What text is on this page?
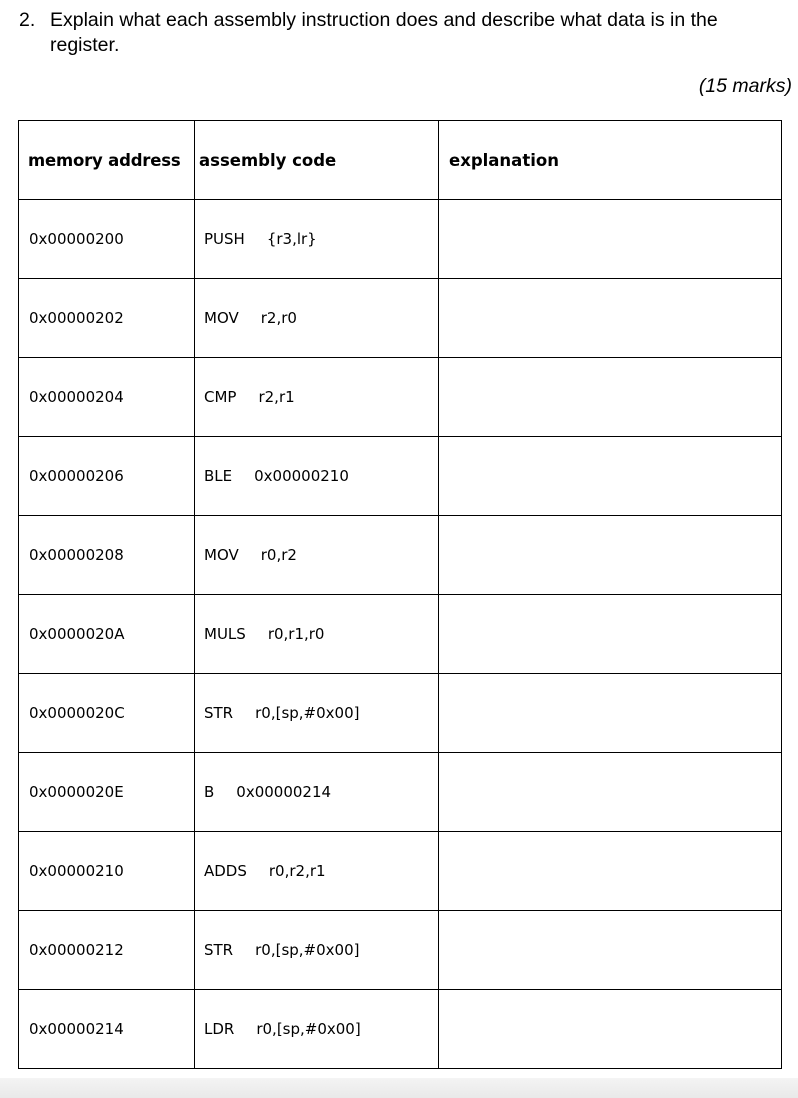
2. Explain what each assembly instruction does and describe what data is in the register.
(15 marks)
memory address	assembly code	explanation
0x00000200	PUSH {r3,lr}	
0x00000202	MOV r2,r0	
0x00000204	CMP r2,r1	
0x00000206	BLE 0x00000210	
0x00000208	MOV r0,r2	
0x0000020A	MULS r0,r1,r0	
0x0000020C	STR r0,[sp,#0x00]	
0x0000020E	B 0x00000214	
0x00000210	ADDS r0,r2,r1	
0x00000212	STR r0,[sp,#0x00]	
0x00000214	LDR r0,[sp,#0x00]	
